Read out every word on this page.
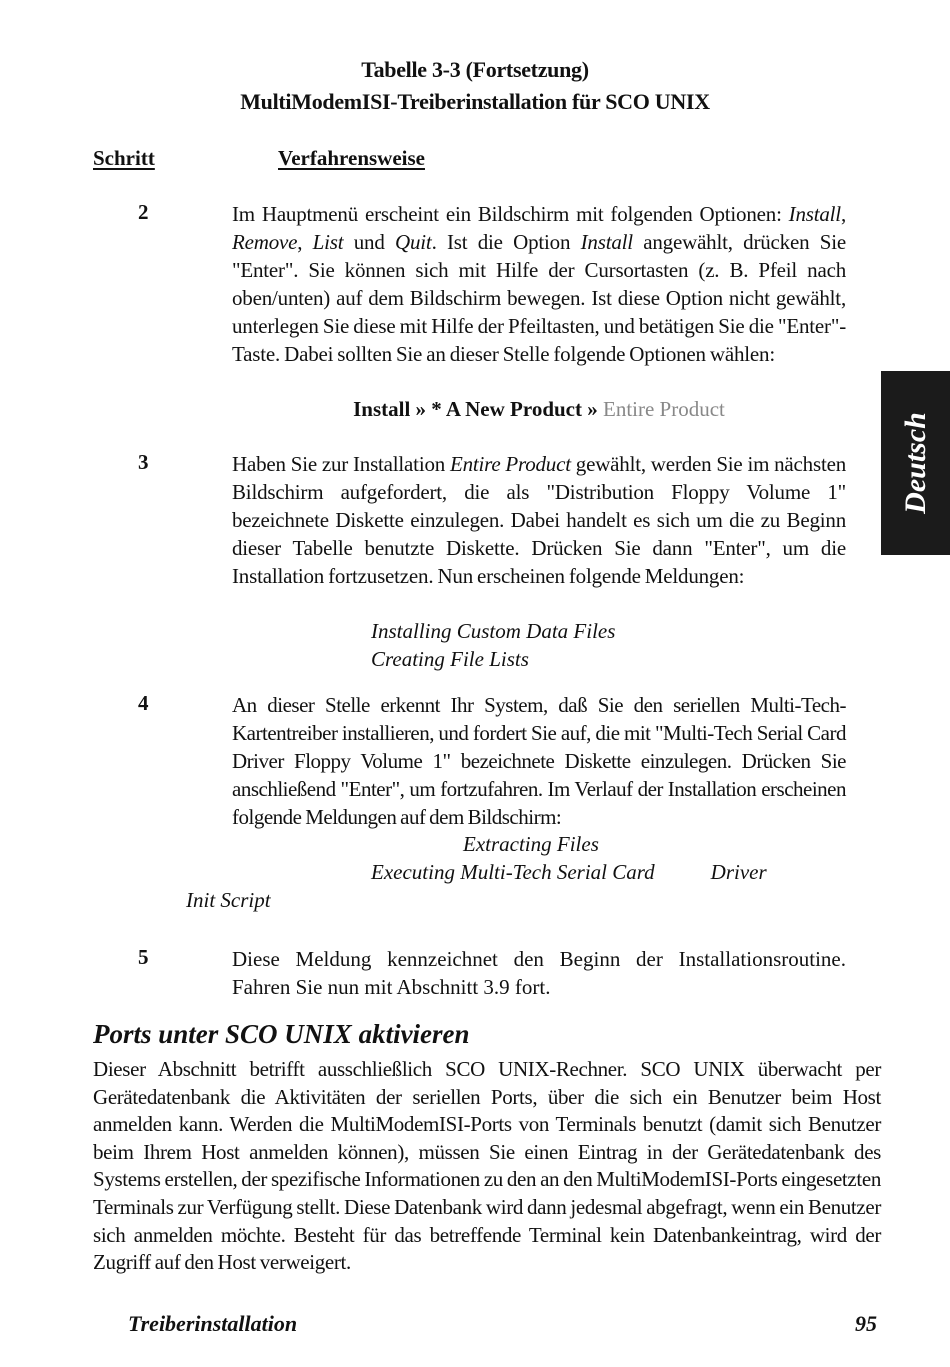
Tabelle 3-3 (Fortsetzung)
MultiModemISI-Treiberinstallation für SCO UNIX
Schritt	Verfahrensweise
Deutsch
2	Im Hauptmenü erscheint ein Bildschirm mit folgenden Optionen: Install, Remove, List und Quit. Ist die Option Install angewählt, drücken Sie "Enter". Sie können sich mit Hilfe der Cursortasten (z. B. Pfeil nach oben/unten) auf dem Bildschirm bewegen. Ist diese Option nicht gewählt, unterlegen Sie diese mit Hilfe der Pfeiltasten, und betätigen Sie die "Enter"-Taste. Dabei sollten Sie an dieser Stelle folgende Optionen wählen:

Install » * A New Product » Entire Product
3	Haben Sie zur Installation Entire Product gewählt, werden Sie im nächsten Bildschirm aufgefordert, die als "Distribution Floppy Volume 1" bezeichnete Diskette einzulegen. Dabei handelt es sich um die zu Beginn dieser Tabelle benutzte Diskette. Drücken Sie dann "Enter", um die Installation fortzusetzen. Nun erscheinen folgende Meldungen:

Installing Custom Data Files
Creating File Lists
4	An dieser Stelle erkennt Ihr System, daß Sie den seriellen Multi-Tech-Kartentreiber installieren, und fordert Sie auf, die mit "Multi-Tech Serial Card Driver Floppy Volume 1" bezeichnete Diskette einzulegen. Drücken Sie anschließend "Enter", um fortzufahren. Im Verlauf der Installation erscheinen folgende Meldungen auf dem Bildschirm:

Extracting Files
Executing Multi-Tech Serial Card	Driver
Init Script
5	Diese Meldung kennzeichnet den Beginn der Installationsroutine. Fahren Sie nun mit Abschnitt 3.9 fort.

Ports unter SCO UNIX aktivieren
Dieser Abschnitt betrifft ausschließlich SCO UNIX-Rechner. SCO UNIX überwacht per Gerätedatenbank die Aktivitäten der seriellen Ports, über die sich ein Benutzer beim Host anmelden kann. Werden die MultiModemISI-Ports von Terminals benutzt (damit sich Benutzer beim Ihrem Host anmelden können), müssen Sie einen Eintrag in der Gerätedatenbank des Systems erstellen, der spezifische Informationen zu den an den MultiModemISI-Ports eingesetzten Terminals zur Verfügung stellt. Diese Datenbank wird dann jedesmal abgefragt, wenn ein Benutzer sich anmelden möchte. Besteht für das betreffende Terminal kein Datenbankeintrag, wird der Zugriff auf den Host verweigert.
Treiberinstallation	95
